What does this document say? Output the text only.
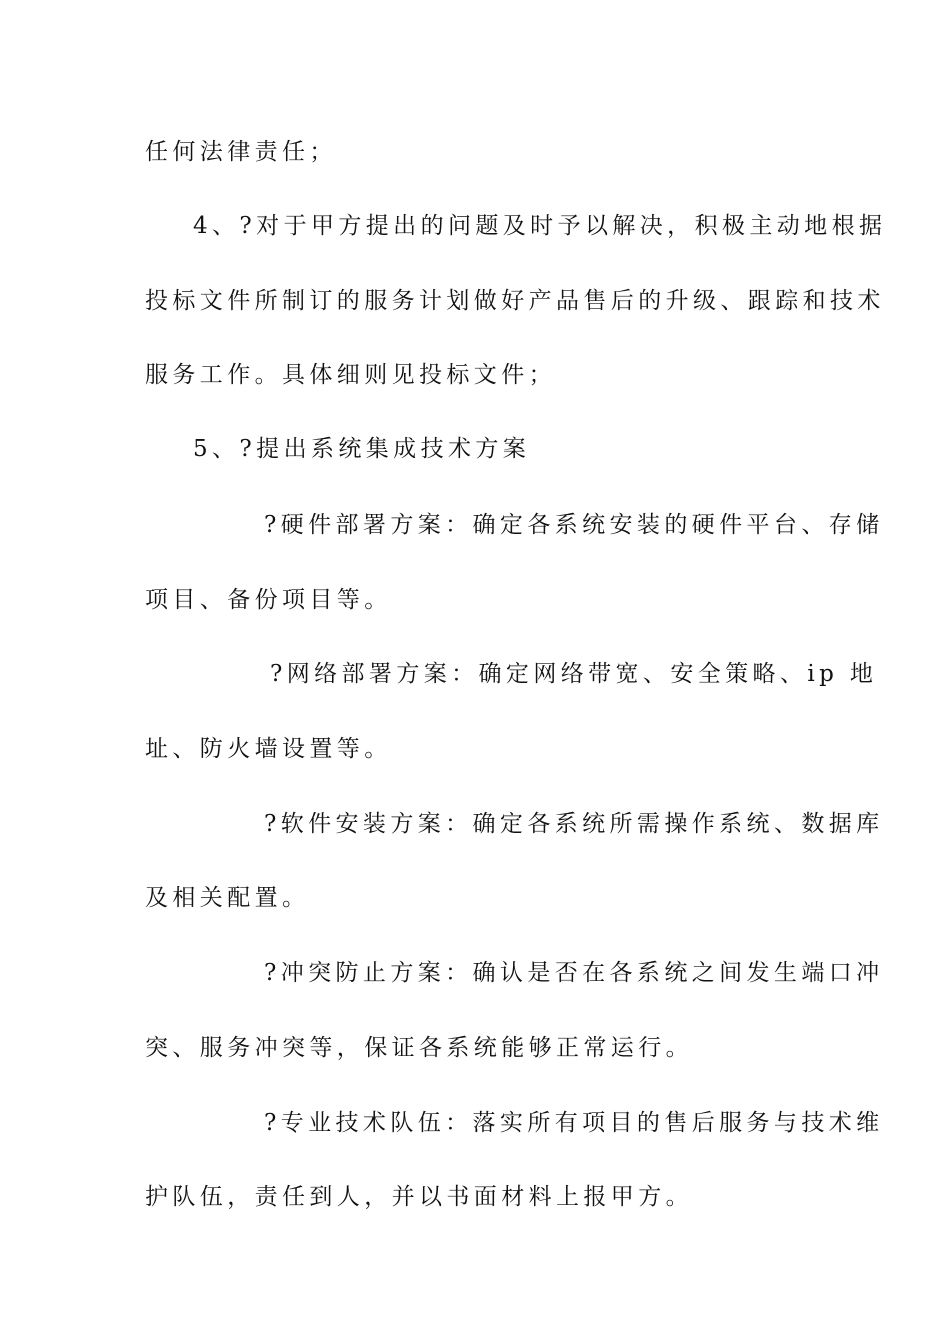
任何法律责任；
4、?对于甲方提出的问题及时予以解决，积极主动地根据
投标文件所制订的服务计划做好产品售后的升级、跟踪和技术
服务工作。具体细则见投标文件；
5、?提出系统集成技术方案
?硬件部署方案：确定各系统安装的硬件平台、存储
项目、备份项目等。
?网络部署方案：确定网络带宽、安全策略、ip 地
址、防火墙设置等。
?软件安装方案：确定各系统所需操作系统、数据库
及相关配置。
?冲突防止方案：确认是否在各系统之间发生端口冲
突、服务冲突等，保证各系统能够正常运行。
?专业技术队伍：落实所有项目的售后服务与技术维
护队伍，责任到人，并以书面材料上报甲方。
